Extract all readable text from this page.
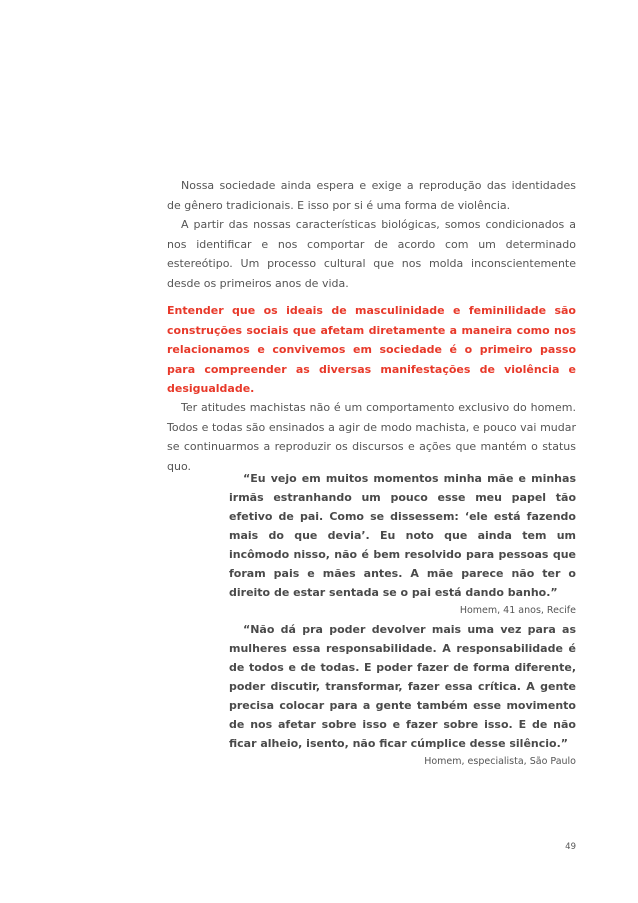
Nossa sociedade ainda espera e exige a reprodução das identidades de gênero tradicionais. E isso por si é uma forma de violência.

A partir das nossas características biológicas, somos condicionados a nos identificar e nos comportar de acordo com um determinado estereótipo. Um processo cultural que nos molda inconscientemente desde os primeiros anos de vida.

Entender que os ideais de masculinidade e feminilidade são construções sociais que afetam diretamente a maneira como nos relacionamos e convivemos em sociedade é o primeiro passo para compreender as diversas manifestações de violência e desigualdade.

Ter atitudes machistas não é um comportamento exclusivo do homem. Todos e todas são ensinados a agir de modo machista, e pouco vai mudar se continuarmos a reproduzir os discursos e ações que mantém o status quo.

“Eu vejo em muitos momentos minha mãe e minhas irmãs estranhando um pouco esse meu papel tão efetivo de pai. Como se dissessem: ‘ele está fazendo mais do que devia’. Eu noto que ainda tem um incômodo nisso, não é bem resolvido para pessoas que foram pais e mães antes. A mãe parece não ter o direito de estar sentada se o pai está dando banho.”

Homem, 41 anos, Recife

“Não dá pra poder devolver mais uma vez para as mulheres essa responsabilidade. A responsabilidade é de todos e de todas. E poder fazer de forma diferente, poder discutir, transformar, fazer essa crítica. A gente precisa colocar para a gente também esse movimento de nos afetar sobre isso e fazer sobre isso. E de não ficar alheio, isento, não ficar cúmplice desse silêncio.”

Homem, especialista, São Paulo

49
